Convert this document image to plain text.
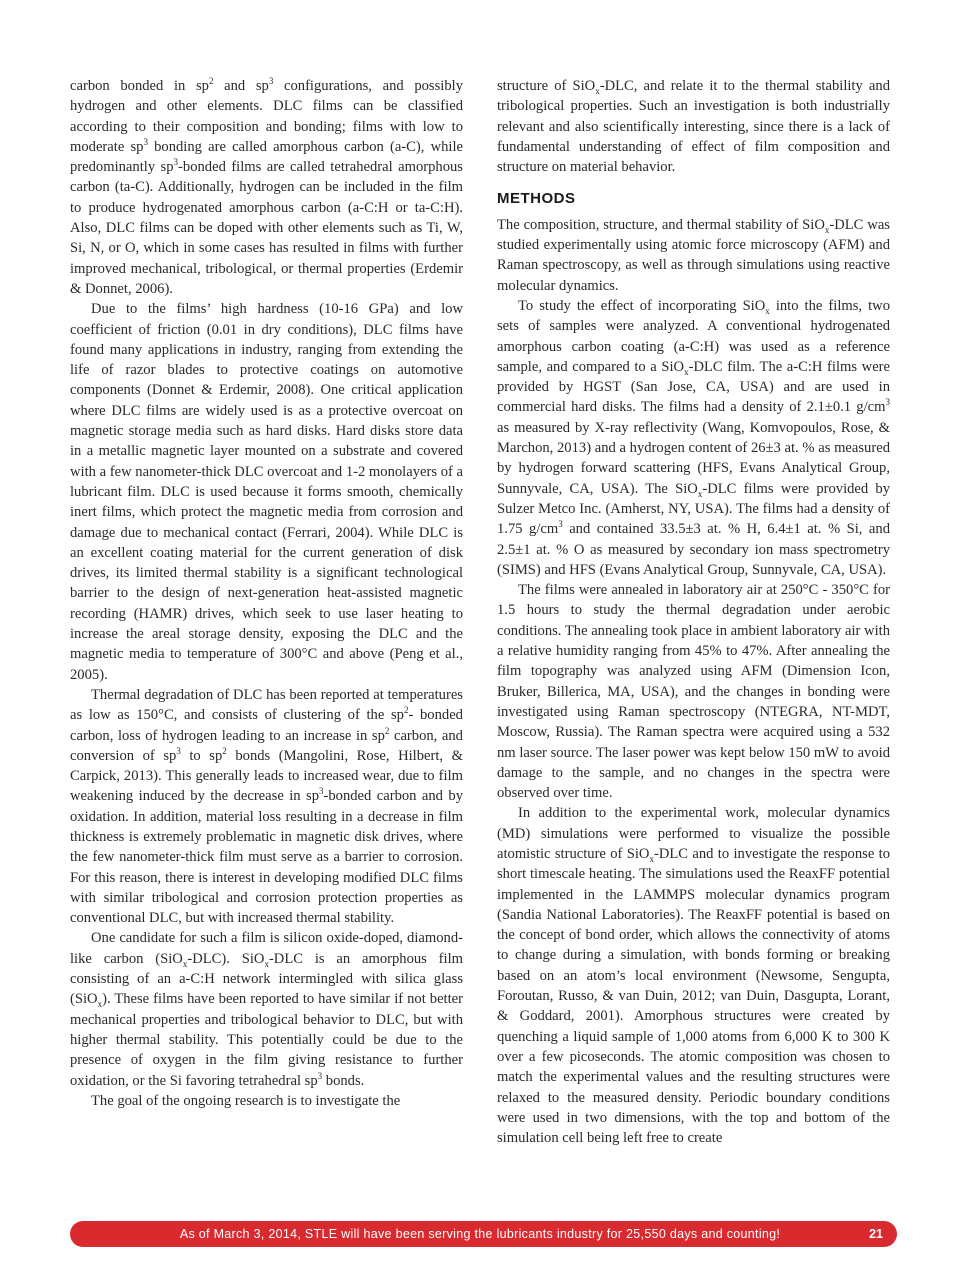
carbon bonded in $sp^2$ and $sp^3$ configurations, and possibly hydrogen and other elements. DLC films can be classified according to their composition and bonding; films with low to moderate $sp^3$ bonding are called amorphous carbon (a-C), while predominantly $sp^3$-bonded films are called tetrahedral amorphous carbon (ta-C). Additionally, hydrogen can be included in the film to produce hydrogenated amorphous carbon (a-C:H or ta-C:H). Also, DLC films can be doped with other elements such as Ti, W, Si, N, or O, which in some cases has resulted in films with further improved mechanical, tribological, or thermal properties (Erdemir & Donnet, 2006).

Due to the films’ high hardness (10-16 GPa) and low coefficient of friction (0.01 in dry conditions), DLC films have found many applications in industry, ranging from extending the life of razor blades to protective coatings on automotive components (Donnet & Erdemir, 2008). One critical application where DLC films are widely used is as a protective overcoat on magnetic storage media such as hard disks. Hard disks store data in a metallic magnetic layer mounted on a substrate and covered with a few nanometer-thick DLC overcoat and 1-2 monolayers of a lubricant film. DLC is used because it forms smooth, chemically inert films, which protect the magnetic media from corrosion and damage due to mechanical contact (Ferrari, 2004). While DLC is an excellent coating material for the current generation of disk drives, its limited thermal stability is a significant technological barrier to the design of next-generation heat-assisted magnetic recording (HAMR) drives, which seek to use laser heating to increase the areal storage density, exposing the DLC and the magnetic media to temperature of 300°C and above (Peng et al., 2005).

Thermal degradation of DLC has been reported at temperatures as low as 150°C, and consists of clustering of the $sp^2-$ bonded carbon, loss of hydrogen leading to an increase in $sp^2$ carbon, and conversion of $sp^3$ to $sp^2$ bonds (Mangolini, Rose, Hilbert, & Carpick, 2013). This generally leads to increased wear, due to film weakening induced by the decrease in $sp^3$-bonded carbon and by oxidation. In addition, material loss resulting in a decrease in film thickness is extremely problematic in magnetic disk drives, where the few nanometer-thick film must serve as a barrier to corrosion. For this reason, there is interest in developing modified DLC films with similar tribological and corrosion protection properties as conventional DLC, but with increased thermal stability.

One candidate for such a film is silicon oxide-doped, diamond-like carbon (SiO$_x$-DLC). SiO$_x$-DLC is an amorphous film consisting of an a-C:H network intermingled with silica glass (SiO$_x$). These films have been reported to have similar if not better mechanical properties and tribological behavior to DLC, but with higher thermal stability. This potentially could be due to the presence of oxygen in the film giving resistance to further oxidation, or the Si favoring tetrahedral $sp^3$ bonds.

The goal of the ongoing research is to investigate the

structure of SiO$_x$-DLC, and relate it to the thermal stability and tribological properties. Such an investigation is both industrially relevant and also scientifically interesting, since there is a lack of fundamental understanding of effect of film composition and structure on material behavior.

METHODS

The composition, structure, and thermal stability of SiO$_x$-DLC was studied experimentally using atomic force microscopy (AFM) and Raman spectroscopy, as well as through simulations using reactive molecular dynamics.

To study the effect of incorporating SiO$_x$ into the films, two sets of samples were analyzed. A conventional hydrogenated amorphous carbon coating (a-C:H) was used as a reference sample, and compared to a SiO$_x$-DLC film. The a-C:H films were provided by HGST (San Jose, CA, USA) and are used in commercial hard disks. The films had a density of 2.1±0.1 $g/cm^3$ as measured by X-ray reflectivity (Wang, Komvopoulos, Rose, & Marchon, 2013) and a hydrogen content of 26±3 at. % as measured by hydrogen forward scattering (HFS, Evans Analytical Group, Sunnyvale, CA, USA). The SiO$_x$-DLC films were provided by Sulzer Metco Inc. (Amherst, NY, USA). The films had a density of 1.75 $g/cm^3$ and contained 33.5±3 at. % H, 6.4±1 at. % Si, and 2.5±1 at. % O as measured by secondary ion mass spectrometry (SIMS) and HFS (Evans Analytical Group, Sunnyvale, CA, USA).

The films were annealed in laboratory air at 250°C - 350°C for 1.5 hours to study the thermal degradation under aerobic conditions. The annealing took place in ambient laboratory air with a relative humidity ranging from 45% to 47%. After annealing the film topography was analyzed using AFM (Dimension Icon, Bruker, Billerica, MA, USA), and the changes in bonding were investigated using Raman spectroscopy (NTEGRA, NT-MDT, Moscow, Russia). The Raman spectra were acquired using a 532 nm laser source. The laser power was kept below 150 mW to avoid damage to the sample, and no changes in the spectra were observed over time.

In addition to the experimental work, molecular dynamics (MD) simulations were performed to visualize the possible atomistic structure of SiO$_x$-DLC and to investigate the response to short timescale heating. The simulations used the ReaxFF potential implemented in the LAMMPS molecular dynamics program (Sandia National Laboratories). The ReaxFF potential is based on the concept of bond order, which allows the connectivity of atoms to change during a simulation, with bonds forming or breaking based on an atom’s local environment (Newsome, Sengupta, Foroutan, Russo, & van Duin, 2012; van Duin, Dasgupta, Lorant, & Goddard, 2001). Amorphous structures were created by quenching a liquid sample of 1,000 atoms from 6,000 K to 300 K over a few picoseconds. The atomic composition was chosen to match the experimental values and the resulting structures were relaxed to the measured density. Periodic boundary conditions were used in two dimensions, with the top and bottom of the simulation cell being left free to create

As of March 3, 2014, STLE will have been serving the lubricants industry for 25,550 days and counting!	21
